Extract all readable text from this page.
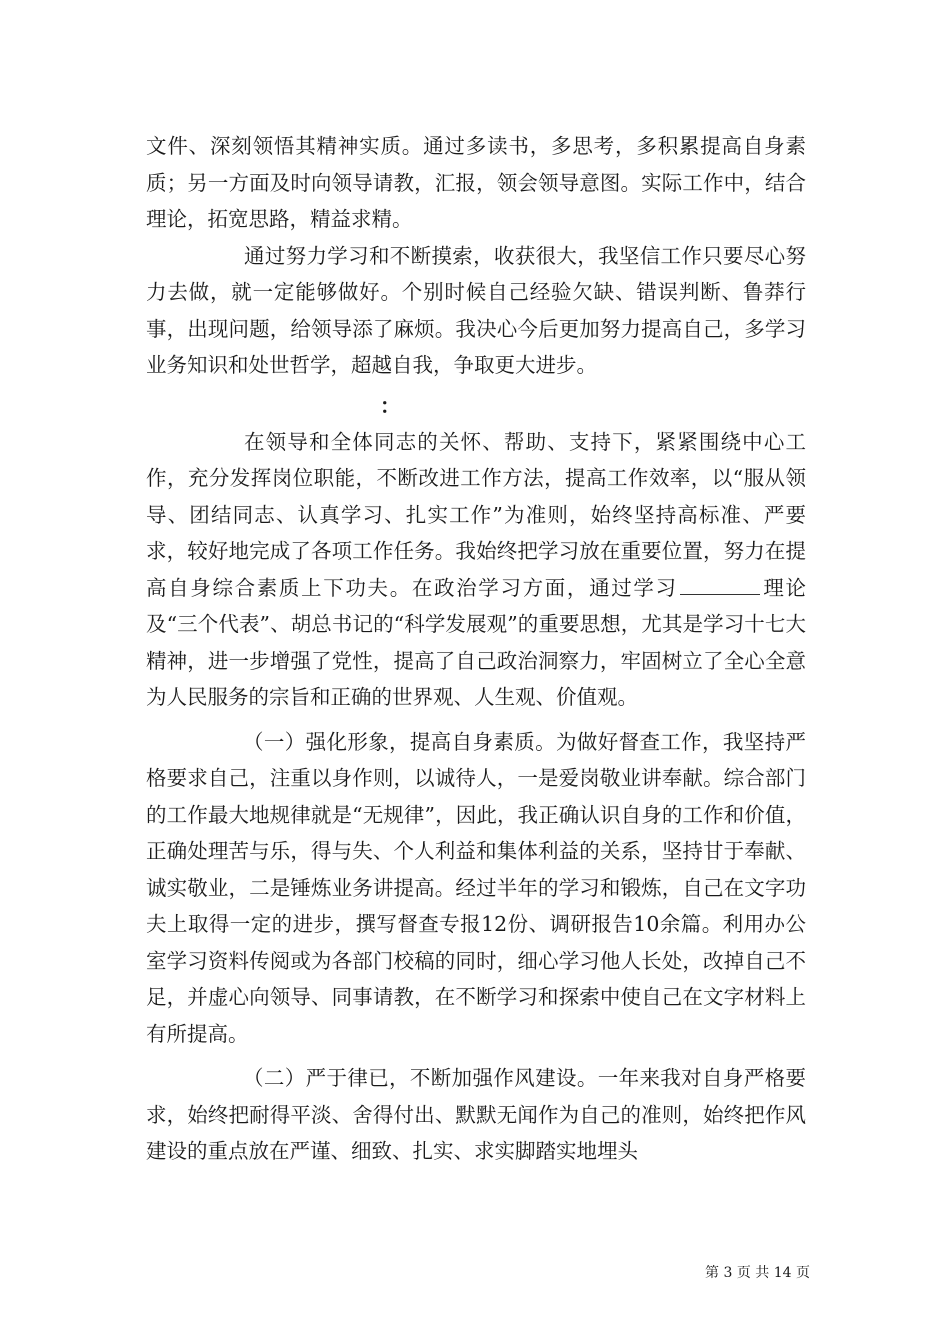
文件、深刻领悟其精神实质。通过多读书，多思考，多积累提高自身素质；另一方面及时向领导请教，汇报，领会领导意图。实际工作中，结合理论，拓宽思路，精益求精。

通过努力学习和不断摸索，收获很大，我坚信工作只要尽心努力去做，就一定能够做好。个别时候自己经验欠缺、错误判断、鲁莽行事，出现问题，给领导添了麻烦。我决心今后更加努力提高自己，多学习业务知识和处世哲学，超越自我，争取更大进步。

：

在领导和全体同志的关怀、帮助、支持下，紧紧围绕中心工作，充分发挥岗位职能，不断改进工作方法，提高工作效率，以“服从领导、团结同志、认真学习、扎实工作”为准则，始终坚持高标准、严要求，较好地完成了各项工作任务。我始终把学习放在重要位置，努力在提高自身综合素质上下功夫。在政治学习方面，通过学习	理论及“三个代表”、胡总书记的“科学发展观”的重要思想，尤其是学习十七大精神，进一步增强了党性，提高了自己政治洞察力，牢固树立了全心全意为人民服务的宗旨和正确的世界观、人生观、价值观。

（一）强化形象，提高自身素质。为做好督查工作，我坚持严格要求自己，注重以身作则，以诚待人，一是爱岗敬业讲奉献。综合部门的工作最大地规律就是“无规律”，因此，我正确认识自身的工作和价值，正确处理苦与乐，得与失、个人利益和集体利益的关系，坚持甘于奉献、诚实敬业，二是锤炼业务讲提高。经过半年的学习和锻炼，自己在文字功夫上取得一定的进步，撰写督查专报12份、调研报告10余篇。利用办公室学习资料传阅或为各部门校稿的同时，细心学习他人长处，改掉自己不足，并虚心向领导、同事请教，在不断学习和探索中使自己在文字材料上有所提高。

（二）严于律已，不断加强作风建设。一年来我对自身严格要求，始终把耐得平淡、舍得付出、默默无闻作为自己的准则，始终把作风建设的重点放在严谨、细致、扎实、求实脚踏实地埋头

第 3 页 共 14 页
